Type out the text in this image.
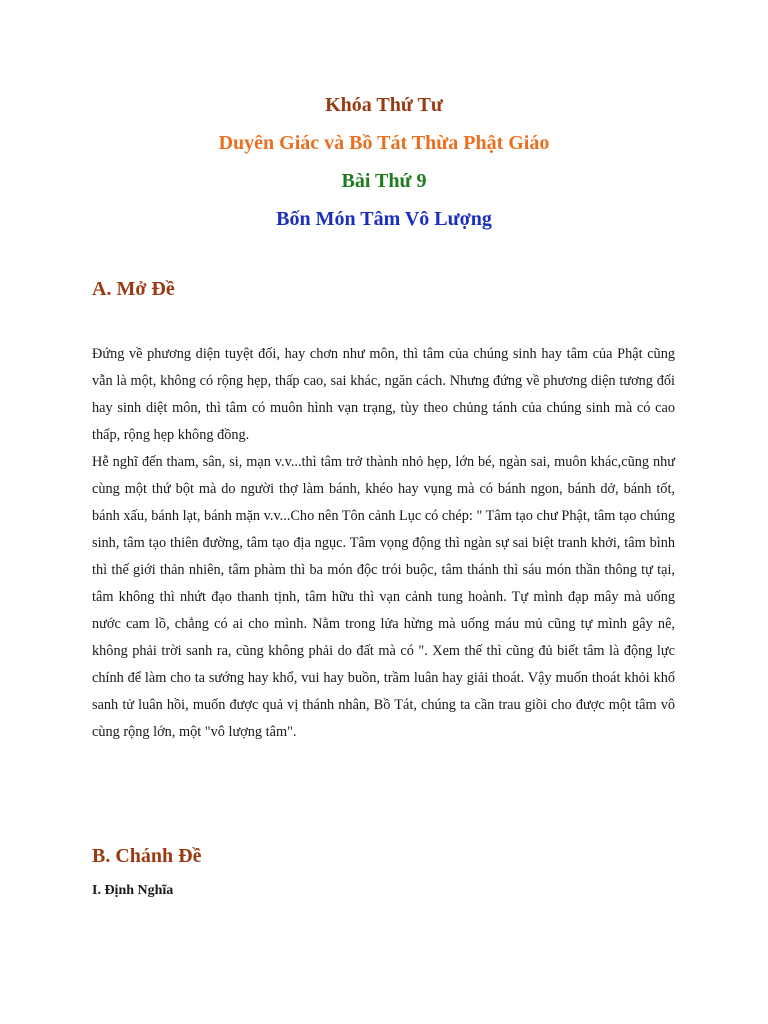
Khóa Thứ Tư
Duyên Giác và Bồ Tát Thừa Phật Giáo
Bài Thứ 9
Bốn Món Tâm Vô Lượng
A. Mở Đề

Đứng về phương diện tuyệt đối, hay chơn như môn, thì tâm của chúng sinh hay tâm của Phật cũng vẫn là một, không có rộng hẹp, thấp cao, sai khác, ngăn cách. Nhưng đứng về phương diện tương đối hay sinh diệt môn, thì tâm có muôn hình vạn trạng, tùy theo chủng tánh của chúng sinh mà có cao thấp, rộng hẹp không đồng.

Hễ nghĩ đến tham, sân, si, mạn v.v...thì tâm trở thành nhỏ hẹp, lớn bé, ngàn sai, muôn khác,cũng như cùng một thứ bột mà do người thợ làm bánh, khéo hay vụng mà có bánh ngon, bánh dở, bánh tốt, bánh xấu, bánh lạt, bánh mặn v.v...Cho nên Tôn cảnh Lục có chép: " Tâm tạo chư Phật, tâm tạo chúng sinh, tâm tạo thiên đường, tâm tạo địa ngục. Tâm vọng động thì ngàn sự sai biệt tranh khởi, tâm bình thì thế giới thản nhiên, tâm phàm thì ba món độc trói buộc, tâm thánh thì sáu món thần thông tự tại, tâm không thì nhứt đạo thanh tịnh, tâm hữu thì vạn cảnh tung hoành. Tự mình đạp mây mà uống nước cam lồ, chẳng có ai cho mình. Nằm trong lửa hừng mà uống máu mủ cũng tự mình gây nê, không phải trời sanh ra, cũng không phải do đất mà có ". Xem thế thì cũng đủ biết tâm là động lực chính để làm cho ta sướng hay khổ, vui hay buồn, trầm luân hay giải thoát. Vậy muốn thoát khỏi khổ sanh tử luân hồi, muốn được quả vị thánh nhân, Bồ Tát, chúng ta cần trau giồi cho được một tâm vô cùng rộng lớn, một "vô lượng tâm".

B. Chánh Đề
I. Định Nghĩa
